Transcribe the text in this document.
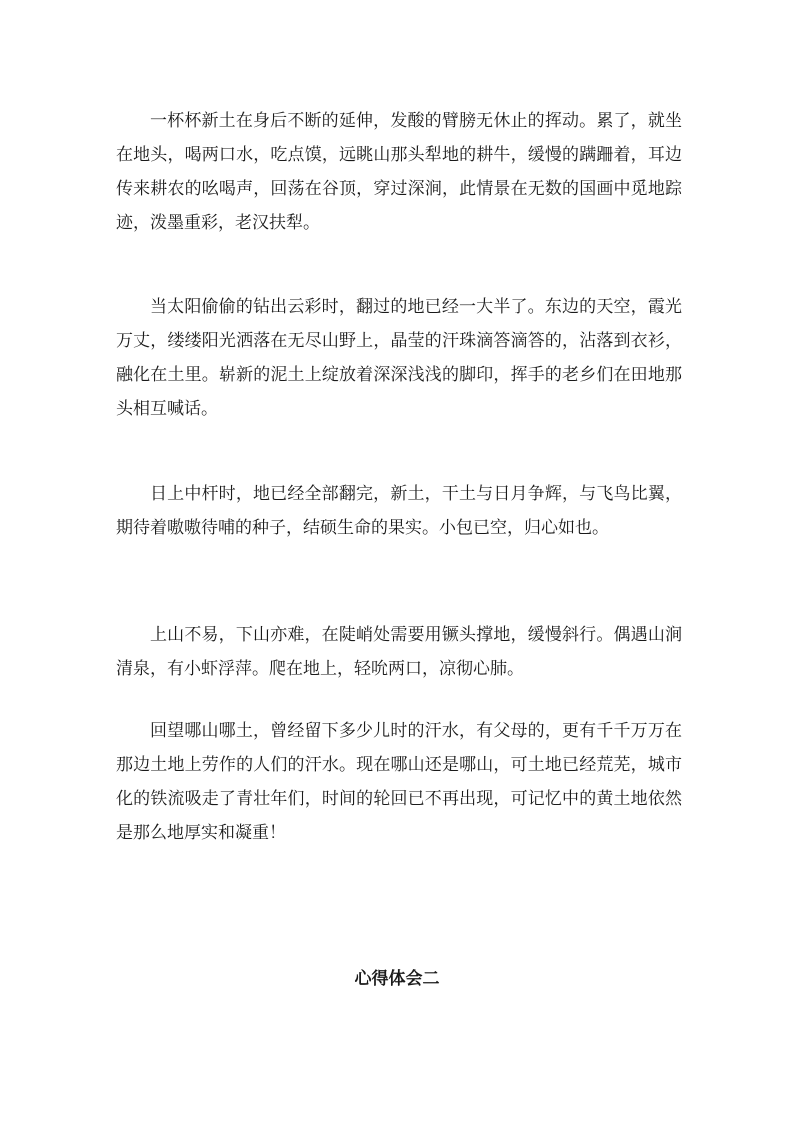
一杯杯新土在身后不断的延伸，发酸的臂膀无休止的挥动。累了，就坐在地头，喝两口水，吃点馍，远眺山那头犁地的耕牛，缓慢的蹒跚着，耳边传来耕农的吆喝声，回荡在谷顶，穿过深涧，此情景在无数的国画中觅地踪迹，泼墨重彩，老汉扶犁。

当太阳偷偷的钻出云彩时，翻过的地已经一大半了。东边的天空，霞光万丈，缕缕阳光洒落在无尽山野上，晶莹的汗珠滴答滴答的，沾落到衣衫，融化在土里。崭新的泥土上绽放着深深浅浅的脚印，挥手的老乡们在田地那头相互喊话。

日上中杆时，地已经全部翻完，新土，干土与日月争辉，与飞鸟比翼，期待着嗷嗷待哺的种子，结硕生命的果实。小包已空，归心如也。

上山不易，下山亦难，在陡峭处需要用镢头撑地，缓慢斜行。偶遇山涧清泉，有小虾浮萍。爬在地上，轻吮两口，凉彻心肺。

回望哪山哪土，曾经留下多少儿时的汗水，有父母的，更有千千万万在那边土地上劳作的人们的汗水。现在哪山还是哪山，可土地已经荒芜，城市化的铁流吸走了青壮年们，时间的轮回已不再出现，可记忆中的黄土地依然是那么地厚实和凝重！

心得体会二
